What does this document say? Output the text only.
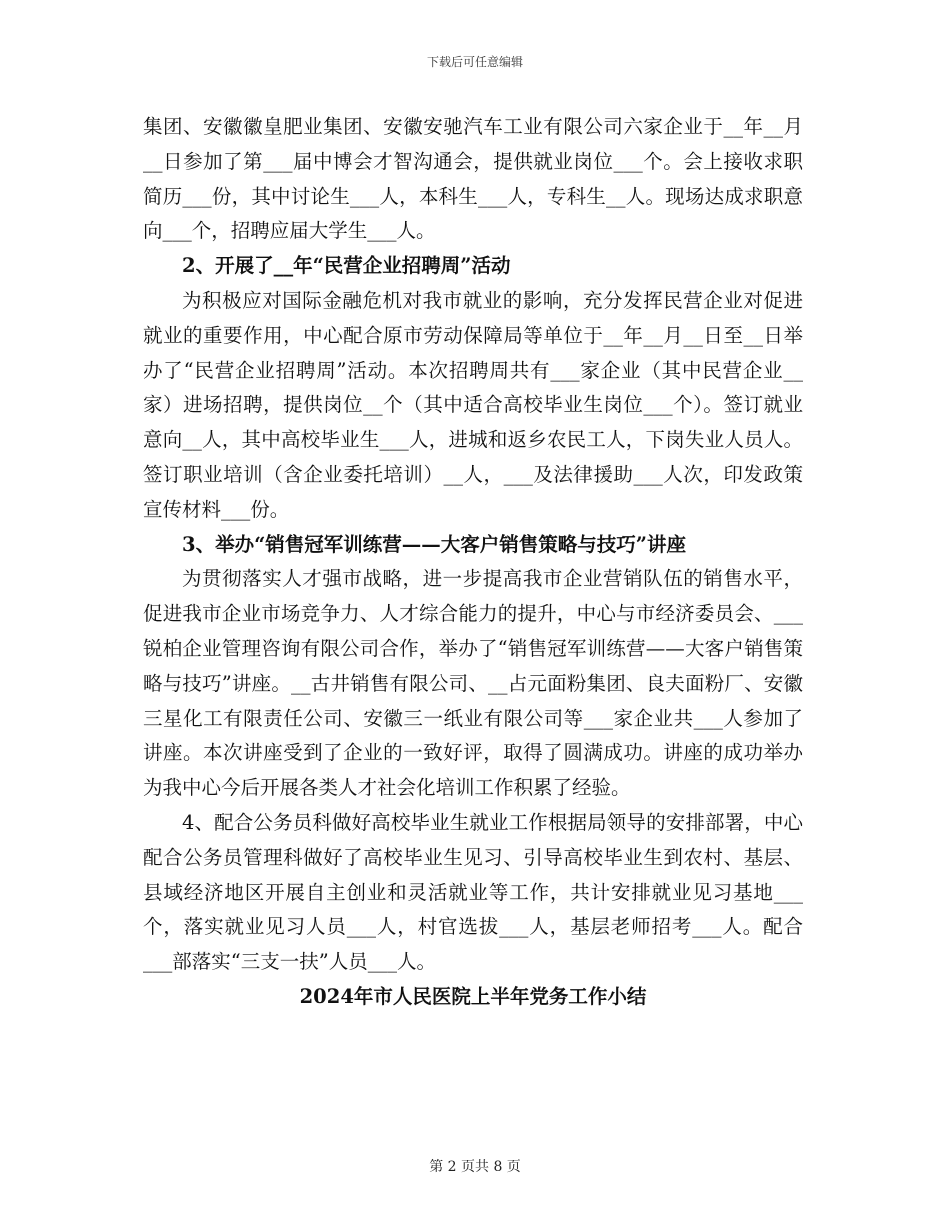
下载后可任意编辑

集团、安徽徽皇肥业集团、安徽安驰汽车工业有限公司六家企业于__年__月__日参加了第___届中博会才智沟通会，提供就业岗位___个。会上接收求职简历___份，其中讨论生___人，本科生___人，专科生__人。现场达成求职意向___个，招聘应届大学生___人。

2、开展了__年“民营企业招聘周”活动

为积极应对国际金融危机对我市就业的影响，充分发挥民营企业对促进就业的重要作用，中心配合原市劳动保障局等单位于__年__月__日至__日举办了“民营企业招聘周”活动。本次招聘周共有___家企业（其中民营企业__家）进场招聘，提供岗位__个（其中适合高校毕业生岗位___个）。签订就业意向__人，其中高校毕业生___人，进城和返乡农民工人，下岗失业人员人。签订职业培训（含企业委托培训）__人，___及法律援助___人次，印发政策宣传材料___份。

3、举办“销售冠军训练营——大客户销售策略与技巧”讲座

为贯彻落实人才强市战略，进一步提高我市企业营销队伍的销售水平，促进我市企业市场竞争力、人才综合能力的提升，中心与市经济委员会、___锐柏企业管理咨询有限公司合作，举办了“销售冠军训练营——大客户销售策略与技巧”讲座。__古井销售有限公司、__占元面粉集团、良夫面粉厂、安徽三星化工有限责任公司、安徽三一纸业有限公司等___家企业共___人参加了讲座。本次讲座受到了企业的一致好评，取得了圆满成功。讲座的成功举办为我中心今后开展各类人才社会化培训工作积累了经验。

4、配合公务员科做好高校毕业生就业工作根据局领导的安排部署，中心配合公务员管理科做好了高校毕业生见习、引导高校毕业生到农村、基层、县域经济地区开展自主创业和灵活就业等工作，共计安排就业见习基地___个，落实就业见习人员___人，村官选拔___人，基层老师招考___人。配合___部落实“三支一扶”人员___人。

2024年市人民医院上半年党务工作小结

第 2 页共 8 页
